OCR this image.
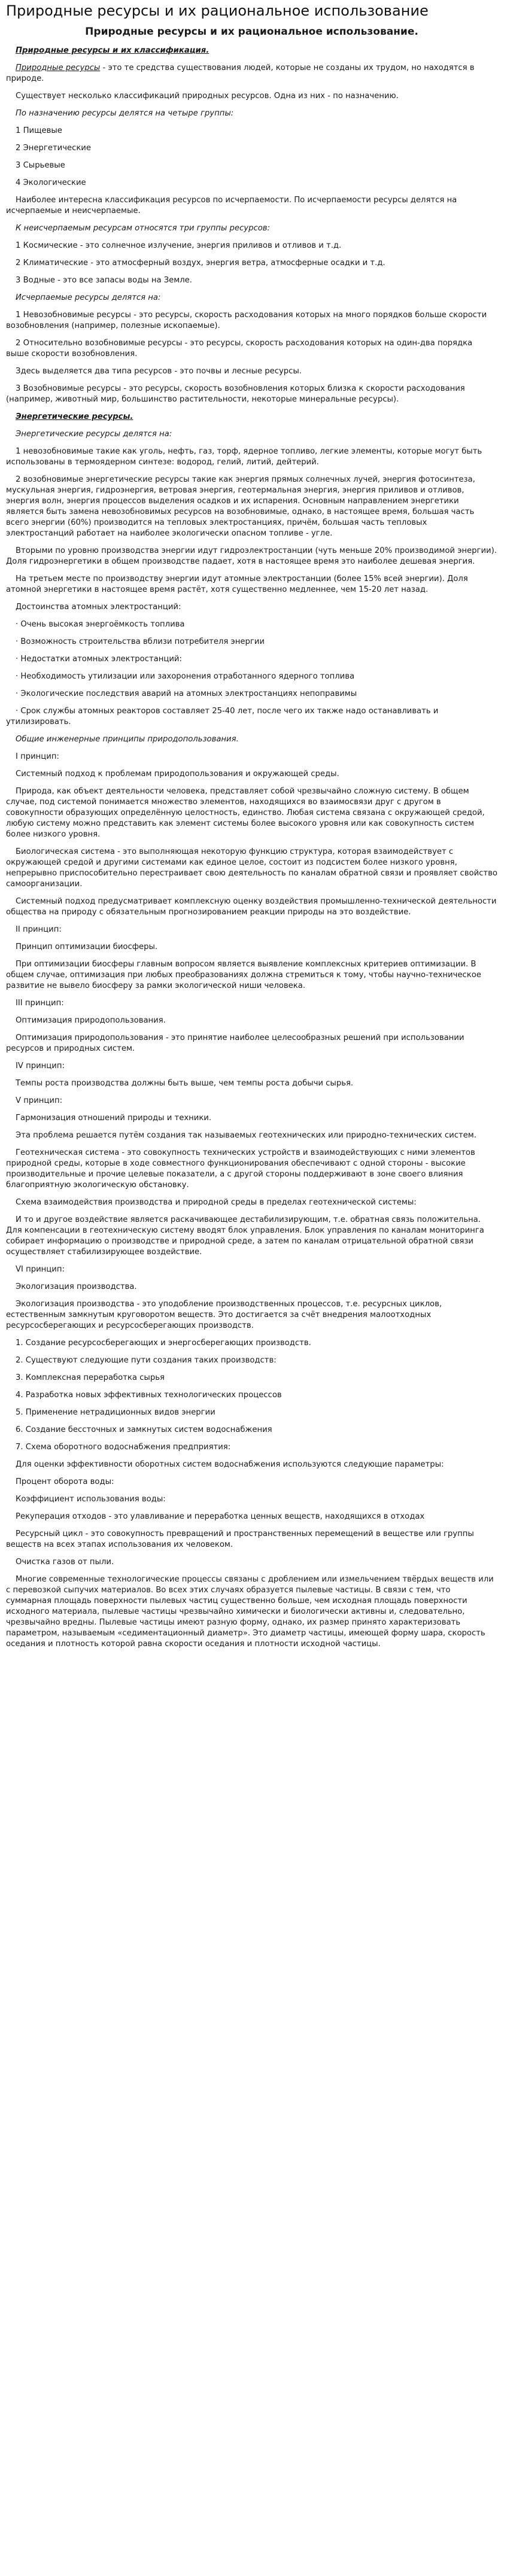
Природные ресурсы и их рациональное использование
Природные ресурсы и их рациональное использование.

Природные ресурсы и их классификация.

Природные ресурсы - это те средства существования людей, которые не созданы их трудом, но находятся в природе.

Существует несколько классификаций природных ресурсов. Одна из них - по назначению.

По назначению ресурсы делятся на четыре группы:

1 Пищевые

2 Энергетические

3 Сырьевые

4 Экологические

Наиболее интересна классификация ресурсов по исчерпаемости. По исчерпаемости ресурсы делятся на исчерпаемые и неисчерпаемые.

К неисчерпаемым ресурсам относятся три группы ресурсов:

1 Космические - это солнечное излучение, энергия приливов и отливов и т.д.

2 Климатические - это атмосферный воздух, энергия ветра, атмосферные осадки и т.д.

3 Водные - это все запасы воды на Земле.

Исчерпаемые ресурсы делятся на:

1 Невозобновимые ресурсы - это ресурсы, скорость расходования которых на много порядков больше скорости возобновления (например, полезные ископаемые).

2 Относительно возобновимые ресурсы - это ресурсы, скорость расходования которых на один-два порядка выше скорости возобновления.

Здесь выделяется два типа ресурсов - это почвы и лесные ресурсы.

3 Возобновимые ресурсы - это ресурсы, скорость возобновления которых близка к скорости расходования (например, животный мир, большинство растительности, некоторые минеральные ресурсы).

Энергетические ресурсы.

Энергетические ресурсы делятся на:

1 невозобновимые такие как уголь, нефть, газ, торф, ядерное топливо, легкие элементы, которые могут быть использованы в термоядерном синтезе: водород, гелий, литий, дейтерий.

2 возобновимые энергетические ресурсы такие как энергия прямых солнечных лучей, энергия фотосинтеза, мускульная энергия, гидроэнергия, ветровая энергия, геотермальная энергия, энергия приливов и отливов, энергия волн, энергия процессов выделения осадков и их испарения. Основным направлением энергетики является быть замена невозобновимых ресурсов на возобновимые, однако, в настоящее время, большая часть всего энергии (60%) производится на тепловых электростанциях, причём, большая часть тепловых электростанций работает на наиболее экологически опасном топливе - угле.

Вторыми по уровню производства энергии идут гидроэлектростанции (чуть меньше 20% производимой энергии). Доля гидроэнергетики в общем производстве падает, хотя в настоящее время это наиболее дешевая энергия.

На третьем месте по производству энергии идут атомные электростанции (более 15% всей энергии). Доля атомной энергетики в настоящее время растёт, хотя существенно медленнее, чем 15-20 лет назад.

Достоинства атомных электростанций:

· Очень высокая энергоёмкость топлива

· Возможность строительства вблизи потребителя энергии

· Недостатки атомных электростанций:

· Необходимость утилизации или захоронения отработанного ядерного топлива

· Экологические последствия аварий на атомных электростанциях непоправимы

· Срок службы атомных реакторов составляет 25-40 лет, после чего их также надо останавливать и утилизировать.

Общие инженерные принципы природопользования.

I принцип:

Системный подход к проблемам природопользования и окружающей среды.

Природа, как объект деятельности человека, представляет собой чрезвычайно сложную систему. В общем случае, под системой понимается множество элементов, находящихся во взаимосвязи друг с другом в совокупности образующих определённую целостность, единство. Любая система связана с окружающей средой, любую систему можно представить как элемент системы более высокого уровня или как совокупность систем более низкого уровня.

Биологическая система - это выполняющая некоторую функцию структура, которая взаимодействует с окружающей средой и другими системами как единое целое, состоит из подсистем более низкого уровня, непрерывно приспособительно перестраивает свою деятельность по каналам обратной связи и проявляет свойство самоорганизации.

Системный подход предусматривает комплексную оценку воздействия промышленно-технической деятельности общества на природу с обязательным прогнозированием реакции природы на это воздействие.

II принцип:

Принцип оптимизации биосферы.

При оптимизации биосферы главным вопросом является выявление комплексных критериев оптимизации. В общем случае, оптимизация при любых преобразованиях должна стремиться к тому, чтобы научно-техническое развитие не вывело биосферу за рамки экологической ниши человека.

III принцип:

Оптимизация природопользования.

Оптимизация природопользования - это принятие наиболее целесообразных решений при использовании ресурсов и природных систем.

IV принцип:

Темпы роста производства должны быть выше, чем темпы роста добычи сырья.

V принцип:

Гармонизация отношений природы и техники.

Эта проблема решается путём создания так называемых геотехнических или природно-технических систем.

Геотехническая система - это совокупность технических устройств и взаимодействующих с ними элементов природной среды, которые в ходе совместного функционирования обеспечивают с одной стороны - высокие производительные и прочие целевые показатели, а с другой стороны поддерживают в зоне своего влияния благоприятную экологическую обстановку.

Схема взаимодействия производства и природной среды в пределах геотехнической системы:

И то и другое воздействие является раскачивающее дестабилизирующим, т.е. обратная связь положительна. Для компенсации в геотехническую систему вводят блок управления. Блок управления по каналам мониторинга собирает информацию о производстве и природной среде, а затем по каналам отрицательной обратной связи осуществляет стабилизирующее воздействие.

VI принцип:

Экологизация производства.

Экологизация производства - это уподобление производственных процессов, т.е. ресурсных циклов, естественным замкнутым круговоротом веществ. Это достигается за счёт внедрения малоотходных ресурсосберегающих и ресурсосберегающих производств.

1. Создание ресурсосберегающих и энергосберегающих производств.

2. Существуют следующие пути создания таких производств:

3. Комплексная переработка сырья

4. Разработка новых эффективных технологических процессов

5. Применение нетрадиционных видов энергии

6. Создание бессточных и замкнутых систем водоснабжения

7. Схема оборотного водоснабжения предприятия:

Для оценки эффективности оборотных систем водоснабжения используются следующие параметры:

Процент оборота воды:

Коэффициент использования воды:

Рекуперация отходов - это улавливание и переработка ценных веществ, находящихся в отходах

Ресурсный цикл - это совокупность превращений и пространственных перемещений в веществе или группы веществ на всех этапах использования их человеком.

Очистка газов от пыли.

Многие современные технологические процессы связаны с дроблением или измельчением твёрдых веществ или с перевозкой сыпучих материалов. Во всех этих случаях образуется пылевые частицы. В связи с тем, что суммарная площадь поверхности пылевых частиц существенно больше, чем исходная площадь поверхности исходного материала, пылевые частицы чрезвычайно химически и биологически активны и, следовательно, чрезвычайно вредны. Пылевые частицы имеют разную форму, однако, их размер принято характеризовать параметром, называемым «седиментационный диаметр». Это диаметр частицы, имеющей форму шара, скорость оседания и плотность которой равна скорости оседания и плотности исходной частицы.
